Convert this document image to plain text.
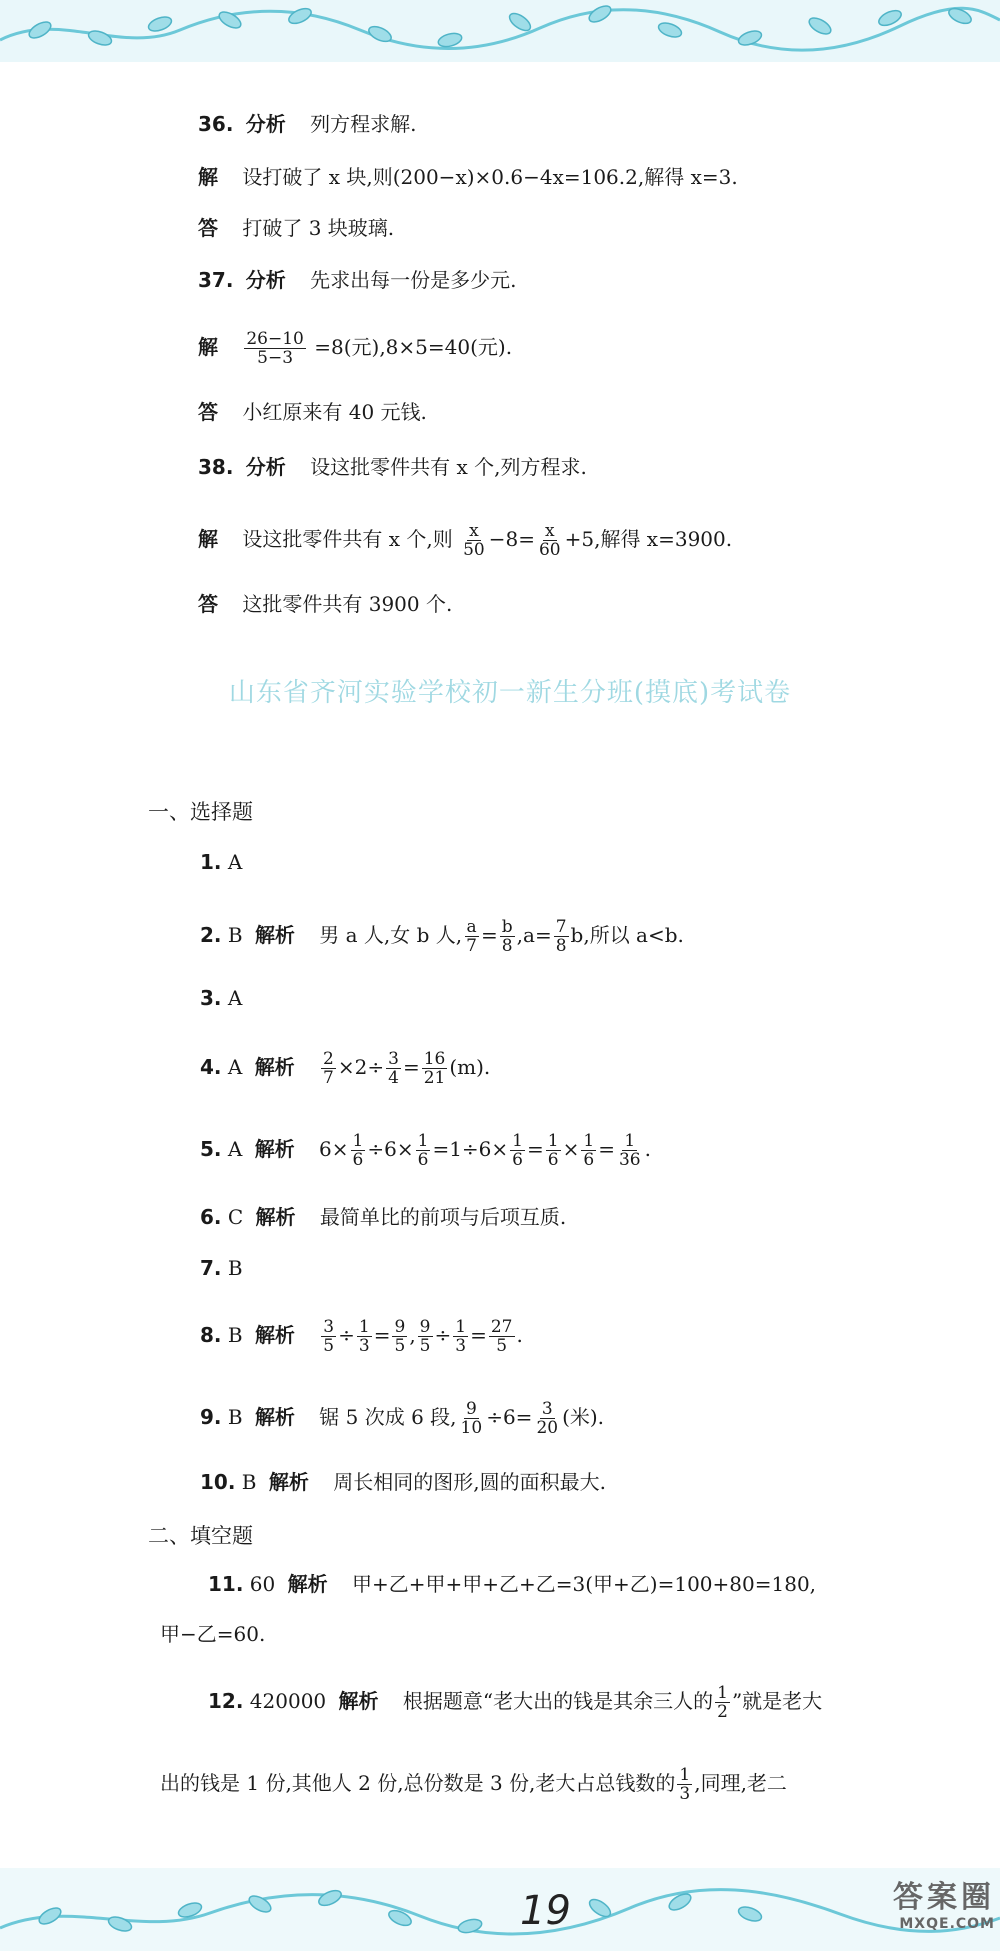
36. 分析 列方程求解.
解 设打破了 x 块,则(200−x)×0.6−4x=106.2,解得 x=3.
答 打破了 3 块玻璃.
37. 分析 先求出每一份是多少元.
解 $\frac{26-10}{5-3} =8$(元),8×5=40(元).
答 小红原来有 40 元钱.
38. 分析 设这批零件共有 x 个,列方程求.
解 设这批零件共有 x 个,则 $\frac{x}{50} -8= \frac{x}{60} +5$,解得 x=3900.
答 这批零件共有 3900 个.
山东省齐河实验学校初一新生分班(摸底)考试卷
一、选择题
1. A
2. B 解析 男 a 人,女 b 人, $\frac{a}{7} = \frac{b}{8} ,a= \frac{7}{8} b$,所以 a<b.
3. A
4. A 解析 $\frac{2}{7} \times 2\div \frac{3}{4} = \frac{16}{21} (m)$.
5. A 解析 $6\times \frac{1}{6} \div 6\times \frac{1}{6} =1\div 6\times \frac{1}{6} = \frac{1}{6} \times \frac{1}{6} = \frac{1}{36}$ .
6. C 解析 最简单比的前项与后项互质.
7. B
8. B 解析 $\frac{3}{5} \div \frac{1}{3} = \frac{9}{5}$ , $\frac{9}{5} \div \frac{1}{3} = \frac{27}{5}$ .
9. B 解析 锯 5 次成 6 段, $\frac{9}{10} \div 6= \frac{3}{20}$ (米).
10. B 解析 周长相同的图形,圆的面积最大.
二、填空题
11. 60 解析 甲+乙+甲+甲+乙+乙=3(甲+乙)=100+80=180,
甲−乙=60.
12. 420000 解析 根据题意“老大出的钱是其余三人的 $\frac{1}{2}$ ”就是老大
出的钱是 1 份,其他人 2 份,总份数是 3 份,老大占总钱数的 $\frac{1}{3}$ ,同理,老二
19	答案圈
MXQE.COM
